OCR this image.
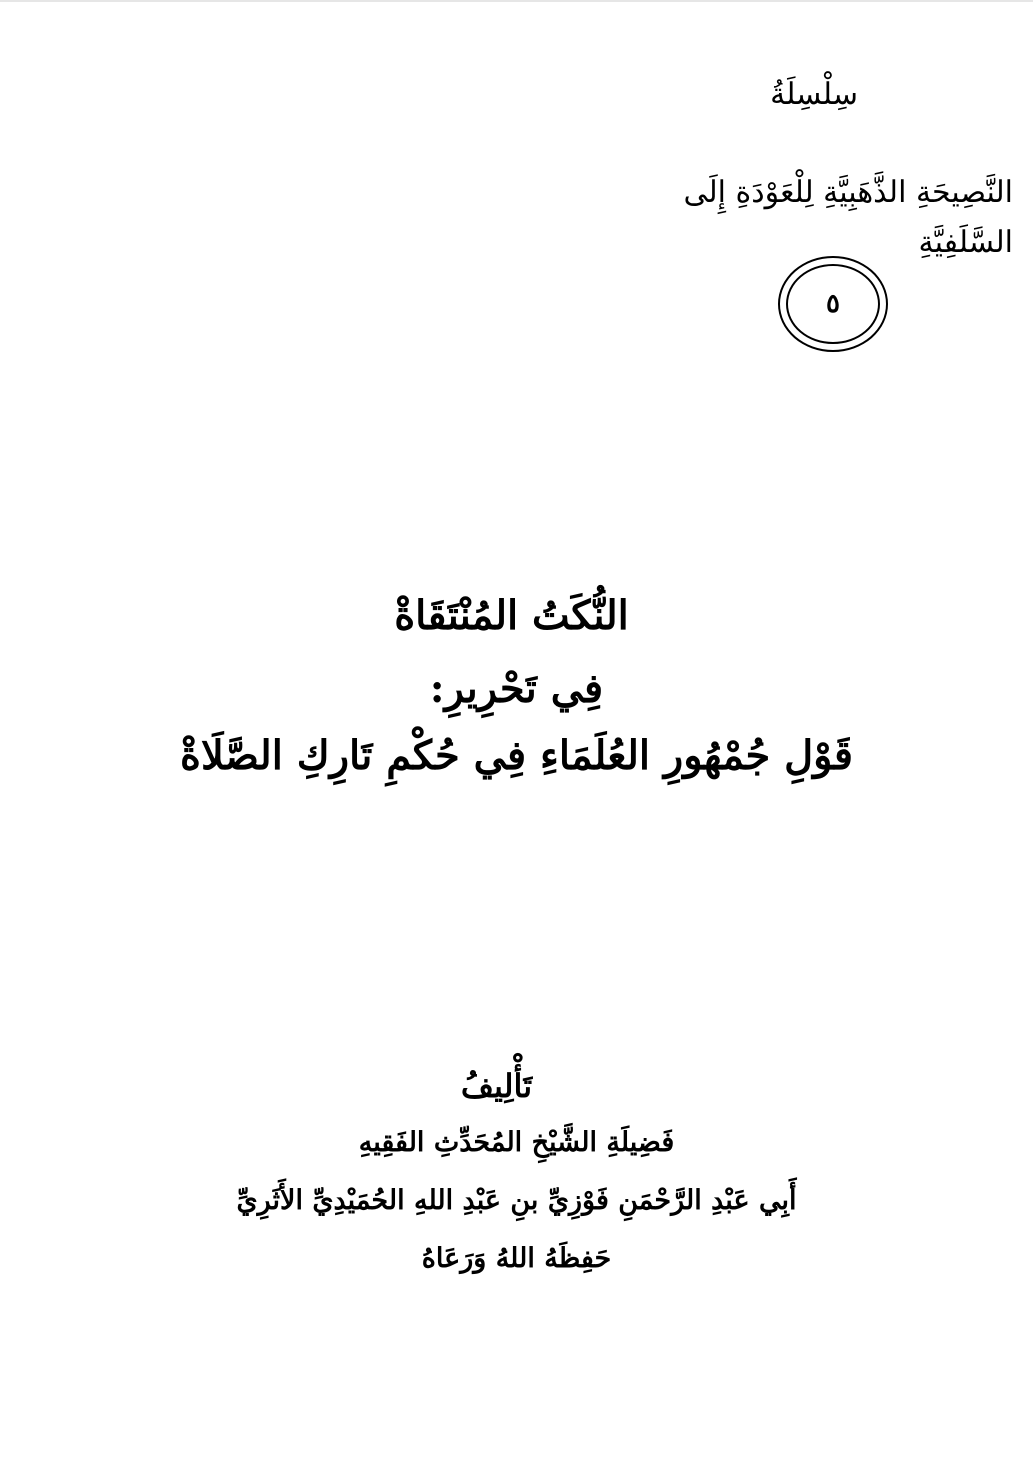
سِلْسِلَةُ
النَّصِيحَةِ الذَّهَبِيَّةِ لِلْعَوْدَةِ إِلَى السَّلَفِيَّةِ
٥
النُّكَتُ المُنْتَقَاةْ
فِي تَحْرِيرِ:
قَوْلِ جُمْهُورِ العُلَمَاءِ فِي حُكْمِ تَارِكِ الصَّلَاةْ
تَأْلِيفُ
فَضِيلَةِ الشَّيْخِ المُحَدِّثِ الفَقِيهِ
أَبِي عَبْدِ الرَّحْمَنِ فَوْزِيِّ بنِ عَبْدِ اللهِ الحُمَيْدِيِّ الأَثَرِيِّ
حَفِظَهُ اللهُ وَرَعَاهُ
